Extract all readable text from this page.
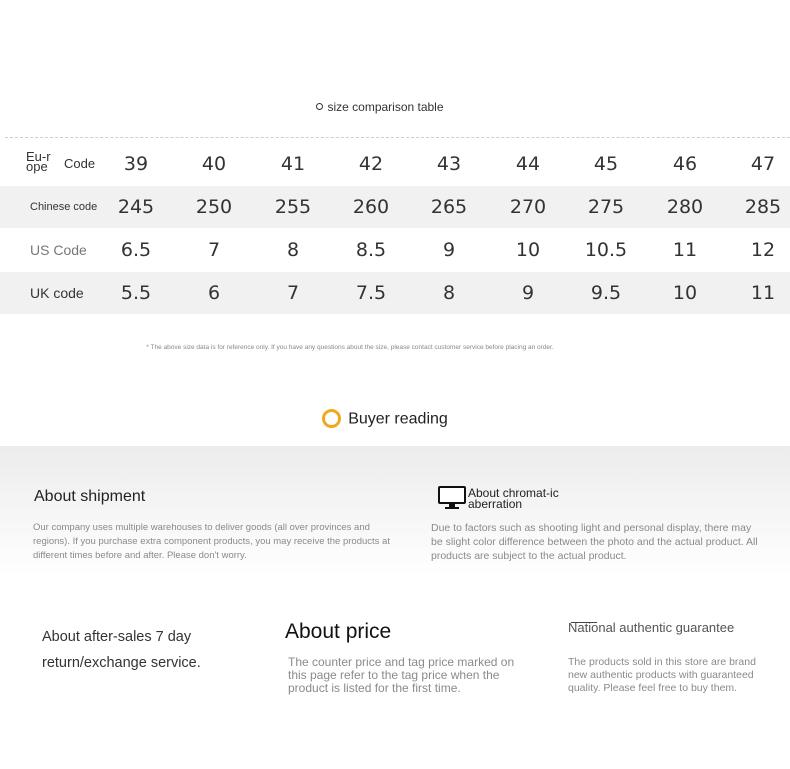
size comparison table
Eu-rope	Code	39	40	41	42	43	44	45	46	47
Chinese code	245	250	255	260	265	270	275	280	285
US Code	6.5	7	8	8.5	9	10	10.5	11	12
UK code	5.5	6	7	7.5	8	9	9.5	10	11
* The above size data is for reference only. If you have any questions about the size, please contact customer service before placing an order.
Buyer reading
About shipment
Our company uses multiple warehouses to deliver goods (all over provinces and regions). If you purchase extra component products, you may receive the products at different times before and after. Please don't worry.
About chromat-ic aberration
Due to factors such as shooting light and personal display, there may be slight color difference between the photo and the actual product. All products are subject to the actual product.
About after-sales 7 day return/exchange service.
About price
The counter price and tag price marked on this page refer to the tag price when the product is listed for the first time.
National authentic guarantee
The products sold in this store are brand new authentic products with guaranteed quality. Please feel free to buy them.
